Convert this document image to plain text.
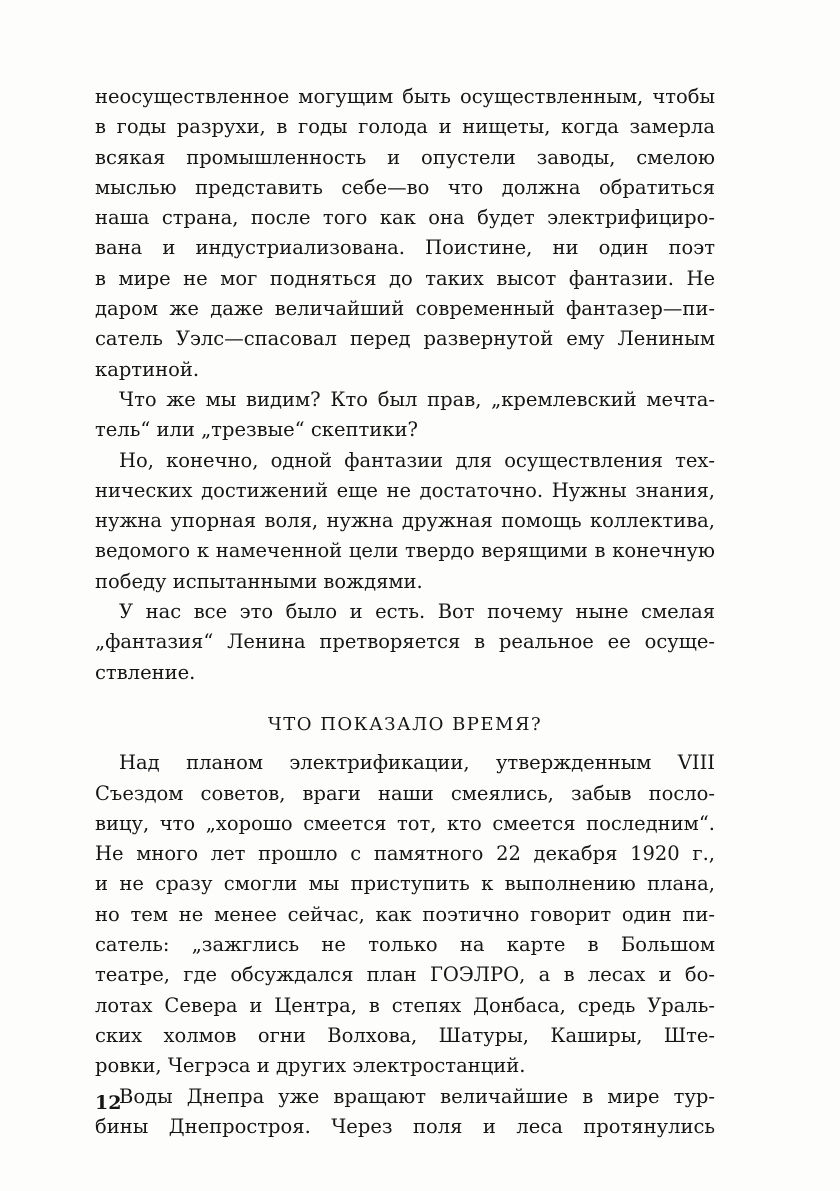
неосуществленное могущим быть осуществленным, чтобы
в годы разрухи, в годы голода и нищеты, когда замерла
всякая промышленность и опустели заводы, смелою
мыслью представить себе—во что должна обратиться
наша страна, после того как она будет электрифициро-
вана и индустриализована. Поистине, ни один поэт
в мире не мог подняться до таких высот фантазии. Не
даром же даже величайший современный фантазер—пи-
сатель Уэлс—спасовал перед развернутой ему Лениным
картиной.
Что же мы видим? Кто был прав, „кремлевский мечта-
тель“ или „трезвые“ скептики?
Но, конечно, одной фантазии для осуществления тех-
нических достижений еще не достаточно. Нужны знания,
нужна упорная воля, нужна дружная помощь коллектива,
ведомого к намеченной цели твердо верящими в конечную
победу испытанными вождями.
У нас все это было и есть. Вот почему ныне смелая
„фантазия“ Ленина претворяется в реальное ее осуще-
ствление.
ЧТО ПОКАЗАЛО ВРЕМЯ?
Над планом электрификации, утвержденным VIII
Съездом советов, враги наши смеялись, забыв посло-
вицу, что „хорошо смеется тот, кто смеется последним“.
Не много лет прошло с памятного 22 декабря 1920 г.,
и не сразу смогли мы приступить к выполнению плана,
но тем не менее сейчас, как поэтично говорит один пи-
сатель: „зажглись не только на карте в Большом
театре, где обсуждался план ГОЭЛРО, а в лесах и бо-
лотах Севера и Центра, в степях Донбаса, средь Ураль-
ских холмов огни Волхова, Шатуры, Каширы, Ште-
ровки, Чегрэса и других электростанций.
Воды Днепра уже вращают величайшие в мире тур-
бины Днепростроя. Через поля и леса протянулись
12
